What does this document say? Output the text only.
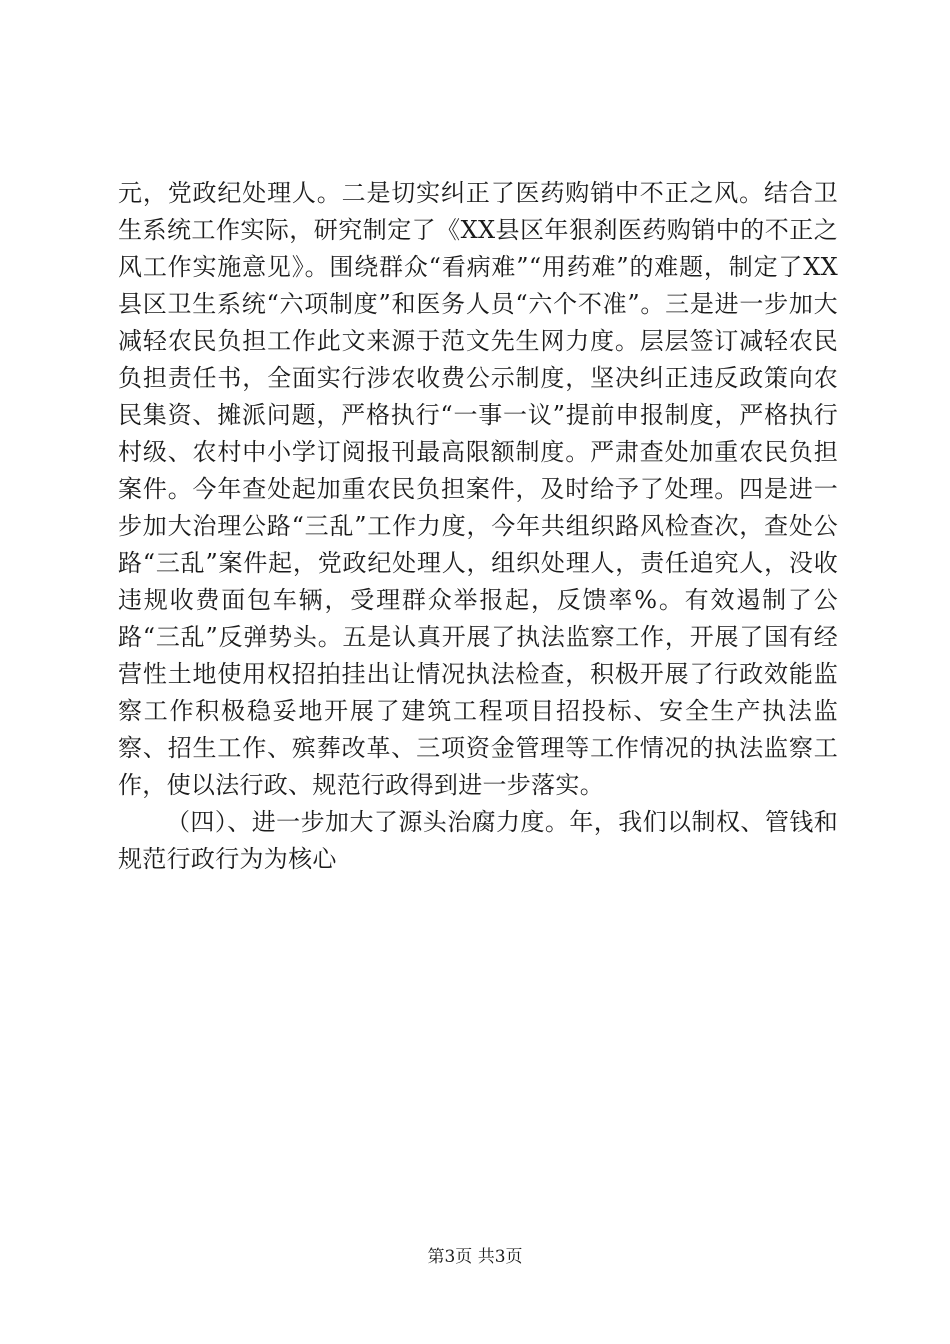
元，党政纪处理人。二是切实纠正了医药购销中不正之风。结合卫生系统工作实际，研究制定了《XX县区年狠刹医药购销中的不正之风工作实施意见》。围绕群众“看病难”“用药难”的难题，制定了XX县区卫生系统“六项制度”和医务人员“六个不准”。三是进一步加大减轻农民负担工作此文来源于范文先生网力度。层层签订减轻农民负担责任书，全面实行涉农收费公示制度，坚决纠正违反政策向农民集资、摊派问题，严格执行“一事一议”提前申报制度，严格执行村级、农村中小学订阅报刊最高限额制度。严肃查处加重农民负担案件。今年查处起加重农民负担案件，及时给予了处理。四是进一步加大治理公路“三乱”工作力度，今年共组织路风检查次，查处公路“三乱”案件起，党政纪处理人，组织处理人，责任追究人，没收违规收费面包车辆，受理群众举报起，反馈率%。有效遏制了公路“三乱”反弹势头。五是认真开展了执法监察工作，开展了国有经营性土地使用权招拍挂出让情况执法检查，积极开展了行政效能监察工作积极稳妥地开展了建筑工程项目招投标、安全生产执法监察、招生工作、殡葬改革、三项资金管理等工作情况的执法监察工作，使以法行政、规范行政得到进一步落实。

（四）、进一步加大了源头治腐力度。年，我们以制权、管钱和规范行政行为为核心

第3页 共3页
